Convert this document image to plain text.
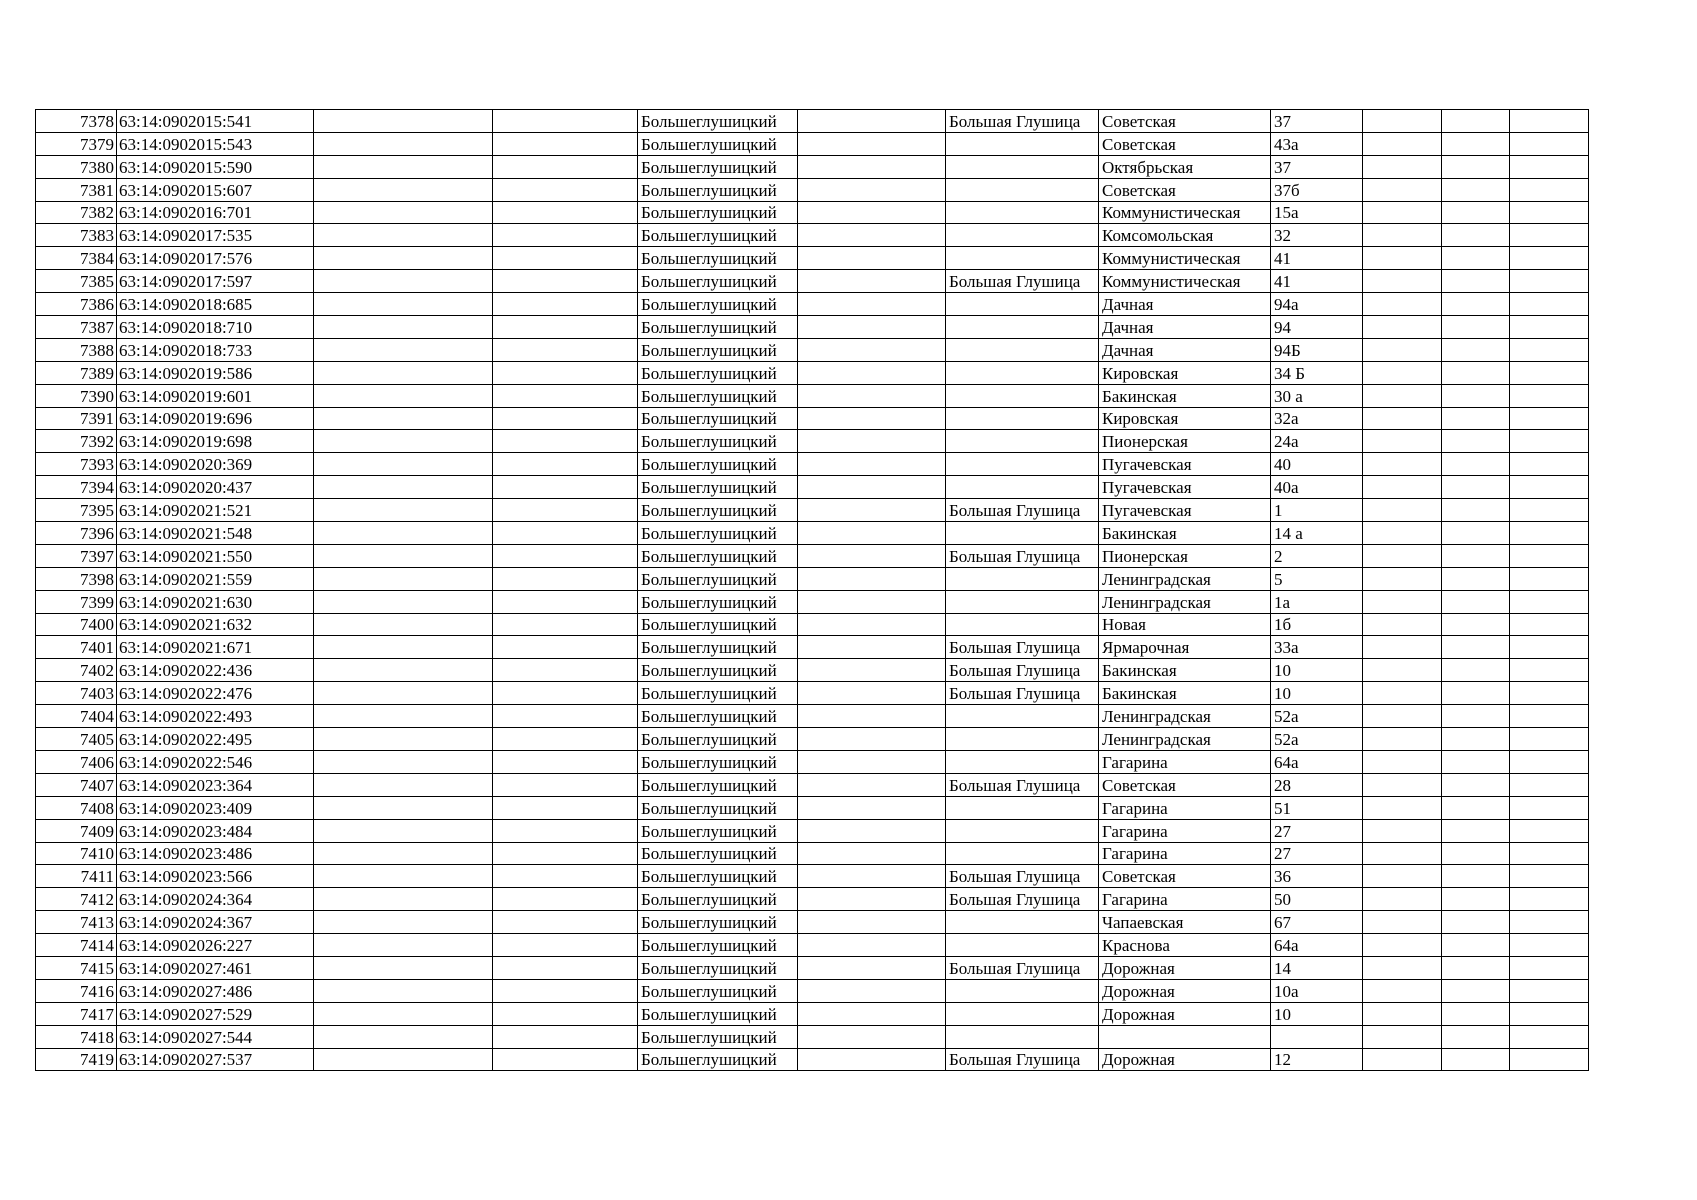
7378	63:14:0902015:541			Большеглушицкий		Большая Глушица	Советская	37			
7379	63:14:0902015:543			Большеглушицкий			Советская	43а			
7380	63:14:0902015:590			Большеглушицкий			Октябрьская	37			
7381	63:14:0902015:607			Большеглушицкий			Советская	37б			
7382	63:14:0902016:701			Большеглушицкий			Коммунистическая	15а			
7383	63:14:0902017:535			Большеглушицкий			Комсомольская	32			
7384	63:14:0902017:576			Большеглушицкий			Коммунистическая	41			
7385	63:14:0902017:597			Большеглушицкий		Большая Глушица	Коммунистическая	41			
7386	63:14:0902018:685			Большеглушицкий			Дачная	94а			
7387	63:14:0902018:710			Большеглушицкий			Дачная	94			
7388	63:14:0902018:733			Большеглушицкий			Дачная	94Б			
7389	63:14:0902019:586			Большеглушицкий			Кировская	34 Б			
7390	63:14:0902019:601			Большеглушицкий			Бакинская	30 а			
7391	63:14:0902019:696			Большеглушицкий			Кировская	32а			
7392	63:14:0902019:698			Большеглушицкий			Пионерская	24а			
7393	63:14:0902020:369			Большеглушицкий			Пугачевская	40			
7394	63:14:0902020:437			Большеглушицкий			Пугачевская	40а			
7395	63:14:0902021:521			Большеглушицкий		Большая Глушица	Пугачевская	1			
7396	63:14:0902021:548			Большеглушицкий			Бакинская	14 а			
7397	63:14:0902021:550			Большеглушицкий		Большая Глушица	Пионерская	2			
7398	63:14:0902021:559			Большеглушицкий			Ленинградская	5			
7399	63:14:0902021:630			Большеглушицкий			Ленинградская	1а			
7400	63:14:0902021:632			Большеглушицкий			Новая	1б			
7401	63:14:0902021:671			Большеглушицкий		Большая Глушица	Ярмарочная	33а			
7402	63:14:0902022:436			Большеглушицкий		Большая Глушица	Бакинская	10			
7403	63:14:0902022:476			Большеглушицкий		Большая Глушица	Бакинская	10			
7404	63:14:0902022:493			Большеглушицкий			Ленинградская	52а			
7405	63:14:0902022:495			Большеглушицкий			Ленинградская	52а			
7406	63:14:0902022:546			Большеглушицкий			Гагарина	64а			
7407	63:14:0902023:364			Большеглушицкий		Большая Глушица	Советская	28			
7408	63:14:0902023:409			Большеглушицкий			Гагарина	51			
7409	63:14:0902023:484			Большеглушицкий			Гагарина	27			
7410	63:14:0902023:486			Большеглушицкий			Гагарина	27			
7411	63:14:0902023:566			Большеглушицкий		Большая Глушица	Советская	36			
7412	63:14:0902024:364			Большеглушицкий		Большая Глушица	Гагарина	50			
7413	63:14:0902024:367			Большеглушицкий			Чапаевская	67			
7414	63:14:0902026:227			Большеглушицкий			Краснова	64а			
7415	63:14:0902027:461			Большеглушицкий		Большая Глушица	Дорожная	14			
7416	63:14:0902027:486			Большеглушицкий			Дорожная	10а			
7417	63:14:0902027:529			Большеглушицкий			Дорожная	10			
7418	63:14:0902027:544			Большеглушицкий							
7419	63:14:0902027:537			Большеглушицкий		Большая Глушица	Дорожная	12			
